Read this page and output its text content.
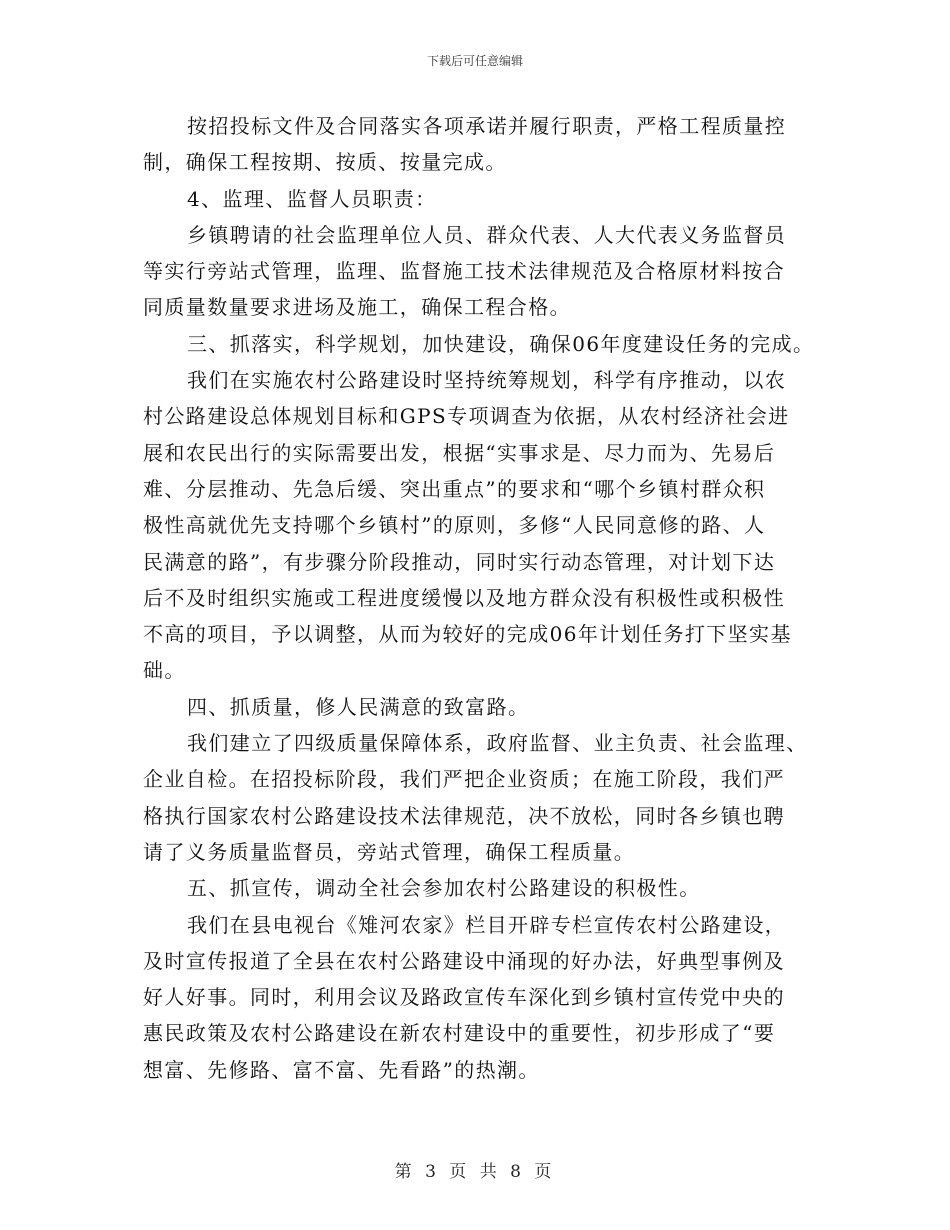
下载后可任意编辑
按招投标文件及合同落实各项承诺并履行职责，严格工程质量控
制，确保工程按期、按质、按量完成。
4、监理、监督人员职责：
乡镇聘请的社会监理单位人员、群众代表、人大代表义务监督员
等实行旁站式管理，监理、监督施工技术法律规范及合格原材料按合
同质量数量要求进场及施工，确保工程合格。
三、抓落实，科学规划，加快建设，确保06年度建设任务的完成。
我们在实施农村公路建设时坚持统筹规划，科学有序推动，以农
村公路建设总体规划目标和GPS专项调查为依据，从农村经济社会进
展和农民出行的实际需要出发，根据“实事求是、尽力而为、先易后
难、分层推动、先急后缓、突出重点”的要求和“哪个乡镇村群众积
极性高就优先支持哪个乡镇村”的原则，多修“人民同意修的路、人
民满意的路”，有步骤分阶段推动，同时实行动态管理，对计划下达
后不及时组织实施或工程进度缓慢以及地方群众没有积极性或积极性
不高的项目，予以调整，从而为较好的完成06年计划任务打下坚实基
础。
四、抓质量，修人民满意的致富路。
我们建立了四级质量保障体系，政府监督、业主负责、社会监理、
企业自检。在招投标阶段，我们严把企业资质；在施工阶段，我们严
格执行国家农村公路建设技术法律规范，决不放松，同时各乡镇也聘
请了义务质量监督员，旁站式管理，确保工程质量。
五、抓宣传，调动全社会参加农村公路建设的积极性。
我们在县电视台《雉河农家》栏目开辟专栏宣传农村公路建设，
及时宣传报道了全县在农村公路建设中涌现的好办法，好典型事例及
好人好事。同时，利用会议及路政宣传车深化到乡镇村宣传党中央的
惠民政策及农村公路建设在新农村建设中的重要性，初步形成了“要
想富、先修路、富不富、先看路”的热潮。
第 3 页 共 8 页
